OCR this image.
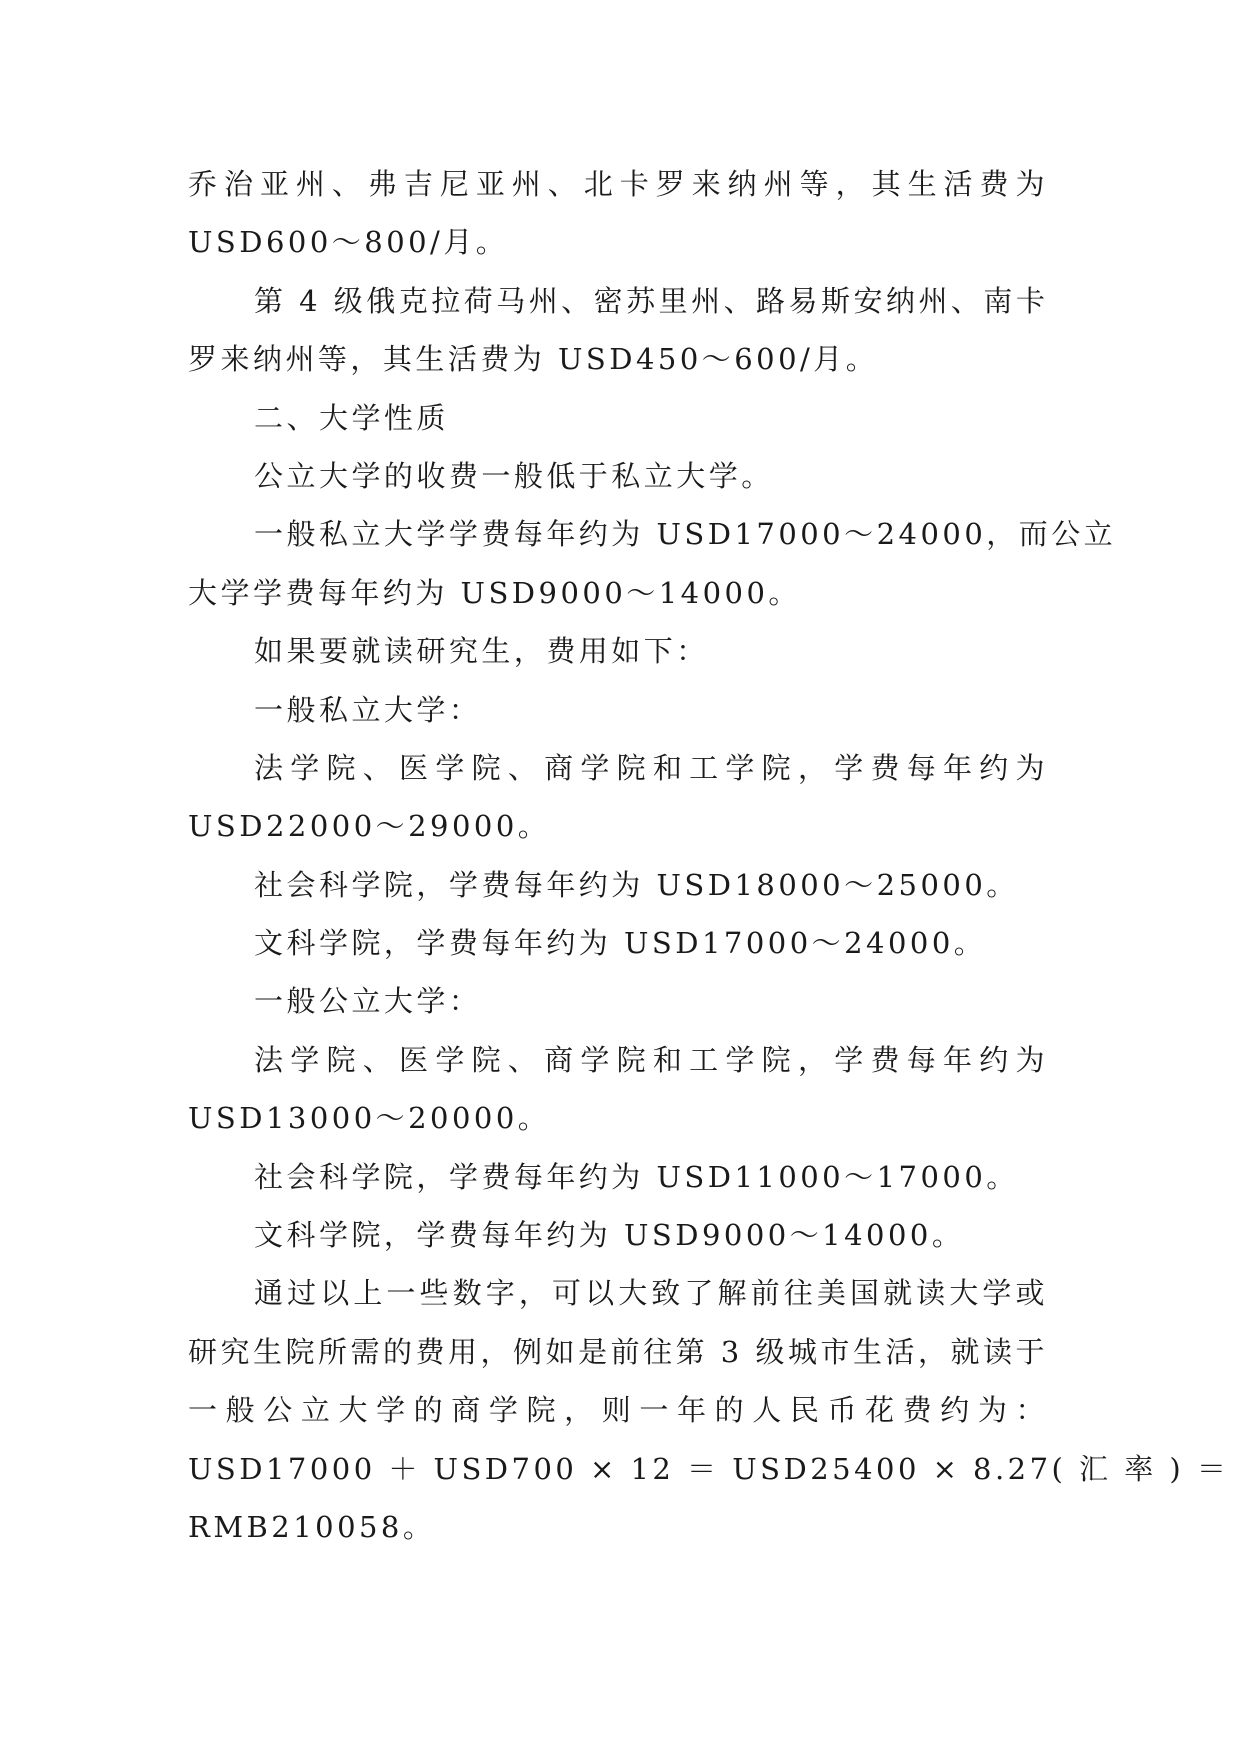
乔治亚州、弗吉尼亚州、北卡罗来纳州等，其生活费为
USD600～800/月。
第 4 级俄克拉荷马州、密苏里州、路易斯安纳州、南卡
罗来纳州等，其生活费为 USD450～600/月。
二、大学性质
公立大学的收费一般低于私立大学。
一般私立大学学费每年约为 USD17000～24000，而公立
大学学费每年约为 USD9000～14000。
如果要就读研究生，费用如下：
一般私立大学：
法学院、医学院、商学院和工学院，学费每年约为
USD22000～29000。
社会科学院，学费每年约为 USD18000～25000。
文科学院，学费每年约为 USD17000～24000。
一般公立大学：
法学院、医学院、商学院和工学院，学费每年约为
USD13000～20000。
社会科学院，学费每年约为 USD11000～17000。
文科学院，学费每年约为 USD9000～14000。
通过以上一些数字，可以大致了解前往美国就读大学或
研究生院所需的费用，例如是前往第 3 级城市生活，就读于
一般公立大学的商学院，则一年的人民币花费约为：
USD17000 ＋ USD700 × 12 ＝ USD25400 × 8.27( 汇 率 ) ＝
RMB210058。
